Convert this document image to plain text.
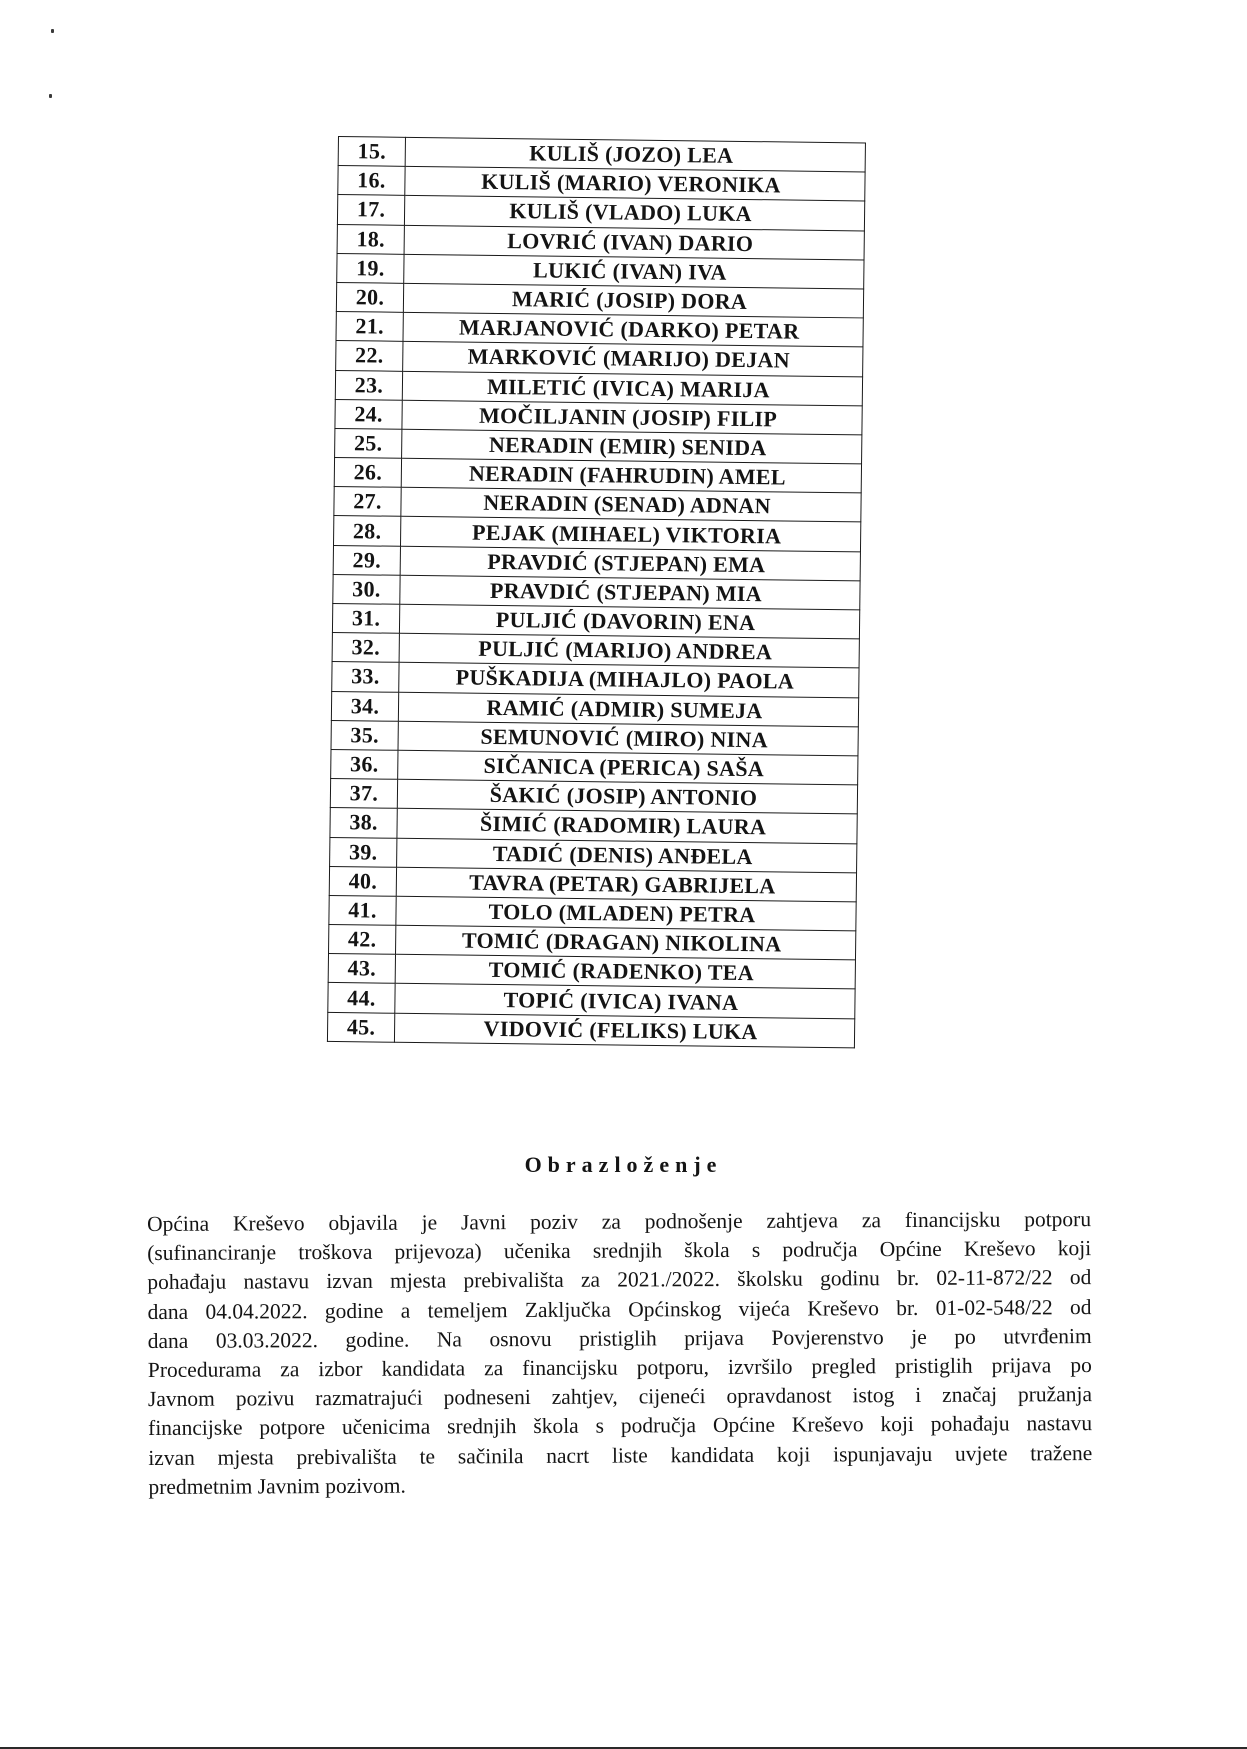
15.	KULIŠ (JOZO) LEA
16.	KULIŠ (MARIO) VERONIKA
17.	KULIŠ (VLADO) LUKA
18.	LOVRIĆ (IVAN) DARIO
19.	LUKIĆ (IVAN) IVA
20.	MARIĆ (JOSIP) DORA
21.	MARJANOVIĆ (DARKO) PETAR
22.	MARKOVIĆ (MARIJO) DEJAN
23.	MILETIĆ (IVICA) MARIJA
24.	MOČILJANIN (JOSIP) FILIP
25.	NERADIN (EMIR) SENIDA
26.	NERADIN (FAHRUDIN) AMEL
27.	NERADIN (SENAD) ADNAN
28.	PEJAK (MIHAEL) VIKTORIA
29.	PRAVDIĆ (STJEPAN) EMA
30.	PRAVDIĆ (STJEPAN) MIA
31.	PULJIĆ (DAVORIN) ENA
32.	PULJIĆ (MARIJO) ANDREA
33.	PUŠKADIJA (MIHAJLO) PAOLA
34.	RAMIĆ (ADMIR) SUMEJA
35.	SEMUNOVIĆ (MIRO) NINA
36.	SIČANICA (PERICA) SAŠA
37.	ŠAKIĆ (JOSIP) ANTONIO
38.	ŠIMIĆ (RADOMIR) LAURA
39.	TADIĆ (DENIS) ANĐELA
40.	TAVRA (PETAR) GABRIJELA
41.	TOLO (MLADEN) PETRA
42.	TOMIĆ (DRAGAN) NIKOLINA
43.	TOMIĆ (RADENKO) TEA
44.	TOPIĆ (IVICA) IVANA
45.	VIDOVIĆ (FELIKS) LUKA
Obrazloženje
Općina Kreševo objavila je Javni poziv za podnošenje zahtjeva za financijsku potporu
(sufinanciranje troškova prijevoza) učenika srednjih škola s područja Općine Kreševo koji
pohađaju nastavu izvan mjesta prebivališta za 2021./2022. školsku godinu br. 02-11-872/22 od
dana 04.04.2022. godine a temeljem Zaključka Općinskog vijeća Kreševo br. 01-02-548/22 od
dana 03.03.2022. godine. Na osnovu pristiglih prijava Povjerenstvo je po utvrđenim
Procedurama za izbor kandidata za financijsku potporu, izvršilo pregled pristiglih prijava po
Javnom pozivu razmatrajući podneseni zahtjev, cijeneći opravdanost istog i značaj pružanja
financijske potpore učenicima srednjih škola s područja Općine Kreševo koji pohađaju nastavu
izvan mjesta prebivališta te sačinila nacrt liste kandidata koji ispunjavaju uvjete tražene
predmetnim Javnim pozivom.
